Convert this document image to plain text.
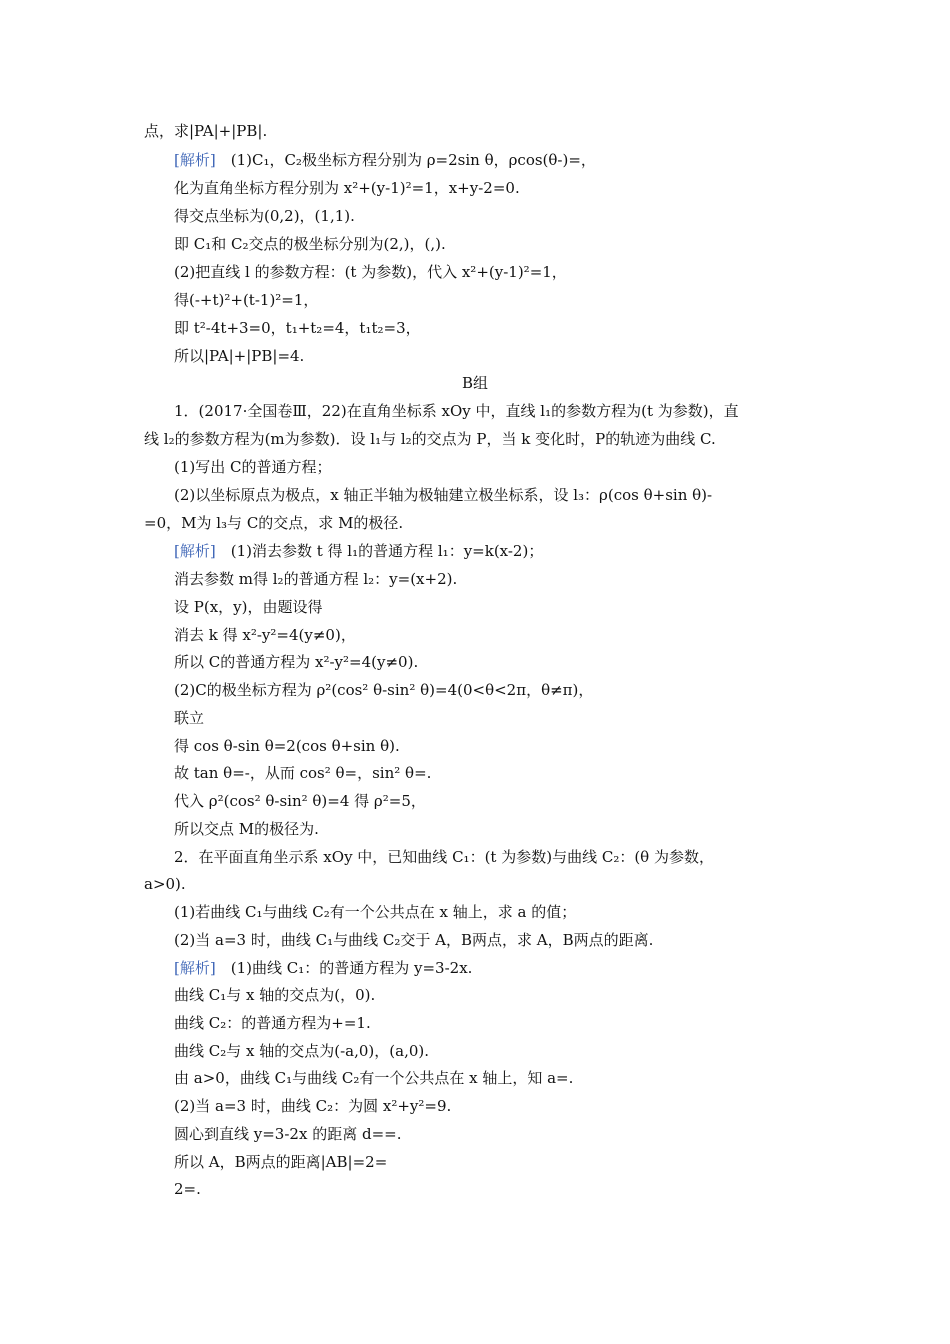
点，求|PA|+|PB|.
[解析]　(1)C₁，C₂极坐标方程分别为 ρ=2sin θ，ρcos(θ-)=，
化为直角坐标方程分别为 x²+(y-1)²=1，x+y-2=0.
得交点坐标为(0,2)，(1,1).
即 C₁和 C₂交点的极坐标分别为(2,)，(,).
(2)把直线 l 的参数方程：(t 为参数)，代入 x²+(y-1)²=1，
得(-+t)²+(t-1)²=1，
即 t²-4t+3=0，t₁+t₂=4，t₁t₂=3，
所以|PA|+|PB|=4.
B组
1．(2017·全国卷Ⅲ，22)在直角坐标系 xOy 中，直线 l₁的参数方程为(t 为参数)，直
线 l₂的参数方程为(m为参数)．设 l₁与 l₂的交点为 P，当 k 变化时，P的轨迹为曲线 C.
(1)写出 C的普通方程；
(2)以坐标原点为极点，x 轴正半轴为极轴建立极坐标系，设 l₃：ρ(cos θ+sin θ)-
=0，M为 l₃与 C的交点，求 M的极径.
[解析]　(1)消去参数 t 得 l₁的普通方程 l₁：y=k(x-2)；
消去参数 m得 l₂的普通方程 l₂：y=(x+2).
设 P(x，y)，由题设得
消去 k 得 x²-y²=4(y≠0)，
所以 C的普通方程为 x²-y²=4(y≠0).
(2)C的极坐标方程为 ρ²(cos² θ-sin² θ)=4(0<θ<2π，θ≠π)，
联立
得 cos θ-sin θ=2(cos θ+sin θ).
故 tan θ=-，从而 cos² θ=，sin² θ=.
代入 ρ²(cos² θ-sin² θ)=4 得 ρ²=5，
所以交点 M的极径为.
2．在平面直角坐示系 xOy 中，已知曲线 C₁：(t 为参数)与曲线 C₂：(θ 为参数，
a>0).
(1)若曲线 C₁与曲线 C₂有一个公共点在 x 轴上，求 a 的值；
(2)当 a=3 时，曲线 C₁与曲线 C₂交于 A，B两点，求 A，B两点的距离.
[解析]　(1)曲线 C₁：的普通方程为 y=3-2x.
曲线 C₁与 x 轴的交点为(，0).
曲线 C₂：的普通方程为+=1.
曲线 C₂与 x 轴的交点为(-a,0)，(a,0).
由 a>0，曲线 C₁与曲线 C₂有一个公共点在 x 轴上，知 a=.
(2)当 a=3 时，曲线 C₂：为圆 x²+y²=9.
圆心到直线 y=3-2x 的距离 d==.
所以 A，B两点的距离|AB|=2=
2=.
